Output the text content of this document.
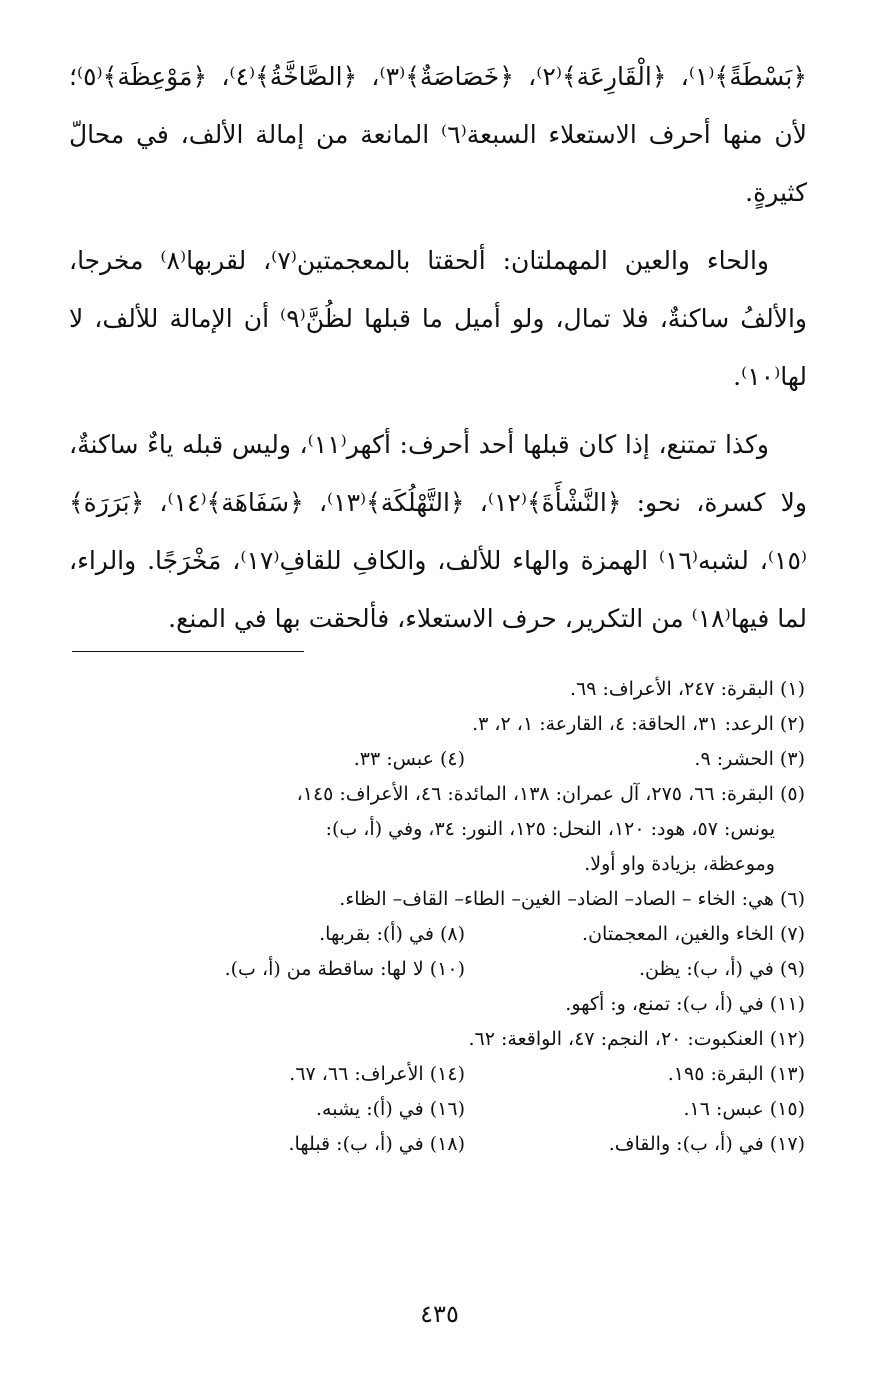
﴿بَسْطَةً﴾⁽١⁾، ﴿الْقَارِعَة﴾⁽٢⁾، ﴿خَصَاصَةٌ﴾⁽٣⁾، ﴿الصَّاخَّةُ﴾⁽٤⁾، ﴿مَوْعِظَة﴾⁽٥⁾؛ لأن منها أحرف الاستعلاء السبعة⁽٦⁾ المانعة من إمالة الألف، في محالّ كثيرةٍ.

والحاء والعين المهملتان: ألحقتا بالمعجمتين⁽٧⁾، لقربها⁽٨⁾ مخرجا، والألفُ ساكنةٌ، فلا تمال، ولو أميل ما قبلها لظُنَّ⁽٩⁾ أن الإمالة للألف، لا لها⁽١٠⁾.

وكذا تمتنع، إذا كان قبلها أحد أحرف: أكهر⁽١١⁾، وليس قبله ياءٌ ساكنةٌ، ولا كسرة، نحو: ﴿النَّشْأَةَ﴾⁽١٢⁾، ﴿التَّهْلُكَة﴾⁽١٣⁾، ﴿سَفَاهَة﴾⁽١٤⁾، ﴿بَرَرَة﴾⁽١٥⁾، لشبه⁽١٦⁾ الهمزة والهاء للألف، والكافِ للقافِ⁽١٧⁾، مَخْرَجًا. والراء، لما فيها⁽١٨⁾ من التكرير، حرف الاستعلاء، فألحقت بها في المنع.

(١) البقرة: ٢٤٧، الأعراف: ٦٩.
(٢) الرعد: ٣١، الحاقة: ٤، القارعة: ١، ٢، ٣.
(٣) الحشر: ٩.
(٤) عبس: ٣٣.
(٥) البقرة: ٦٦، ٢٧٥، آل عمران: ١٣٨، المائدة: ٤٦، الأعراف: ١٤٥،
يونس: ٥٧، هود: ١٢٠، النحل: ١٢٥، النور: ٣٤، وفي (أ، ب):
وموعظة، بزيادة واو أولا.
(٦) هي: الخاء – الصاد– الضاد– الغين– الطاء– القاف– الظاء.
(٧) الخاء والغين، المعجمتان.
(٨) في (أ): بقربها.
(٩) في (أ، ب): يظن.
(١٠) لا لها: ساقطة من (أ، ب).
(١١) في (أ، ب): تمنع، و: أكهو.
(١٢) العنكبوت: ٢٠، النجم: ٤٧، الواقعة: ٦٢.
(١٣) البقرة: ١٩٥.
(١٤) الأعراف: ٦٦، ٦٧.
(١٥) عبس: ١٦.
(١٦) في (أ): يشبه.
(١٧) في (أ، ب): والقاف.
(١٨) في (أ، ب): قبلها.
٤٣٥
